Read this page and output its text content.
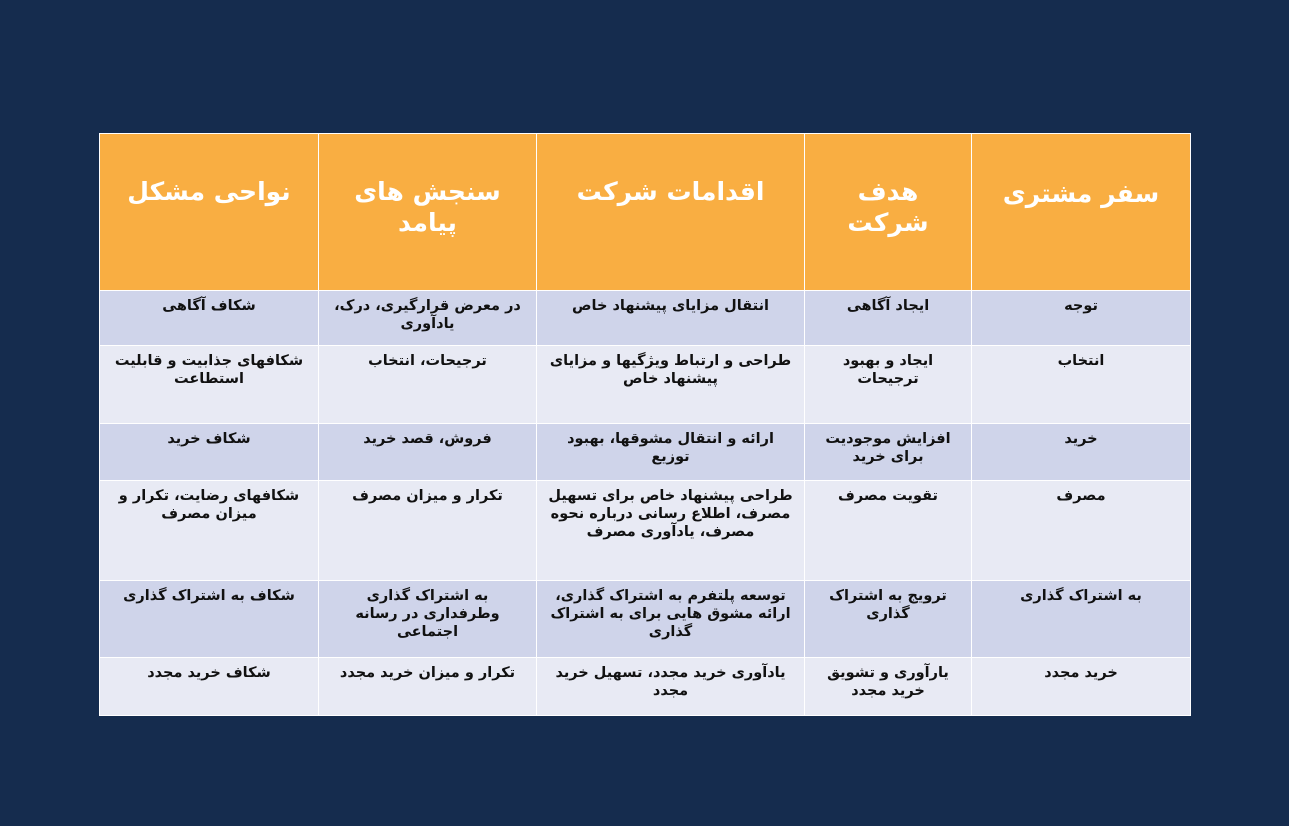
سفر مشتری	هدف شرکت	اقدامات شرکت	سنجش های پیامد	نواحی مشکل
توجه	ایجاد آگاهی	انتقال مزایای پیشنهاد خاص	در معرض قرارگیری، درک، یادآوری	شکاف آگاهی
انتخاب	ایجاد و بهبود ترجیحات	طراحی و ارتباط ویژگیها و مزایای پیشنهاد خاص	ترجیحات، انتخاب	شکافهای جذابیت و قابلیت استطاعت
خرید	افزایش موجودیت برای خرید	ارائه و انتقال مشوقها، بهبود توزیع	فروش، قصد خرید	شکاف خرید
مصرف	تقویت مصرف	طراحی پیشنهاد خاص برای تسهیل مصرف، اطلاع رسانی درباره نحوه مصرف، یادآوری مصرف	تکرار و میزان مصرف	شکافهای رضایت، تکرار و میزان مصرف
به اشتراک گذاری	ترویج به اشتراک گذاری	توسعه پلتفرم به اشتراک گذاری، ارائه مشوق هایی برای به اشتراک گذاری	به اشتراک گذاری وطرفداری در رسانه اجتماعی	شکاف به اشتراک گذاری
خرید مجدد	یارآوری و تشویق خرید مجدد	یادآوری خرید مجدد، تسهیل خرید مجدد	تکرار و میزان خرید مجدد	شکاف خرید مجدد
